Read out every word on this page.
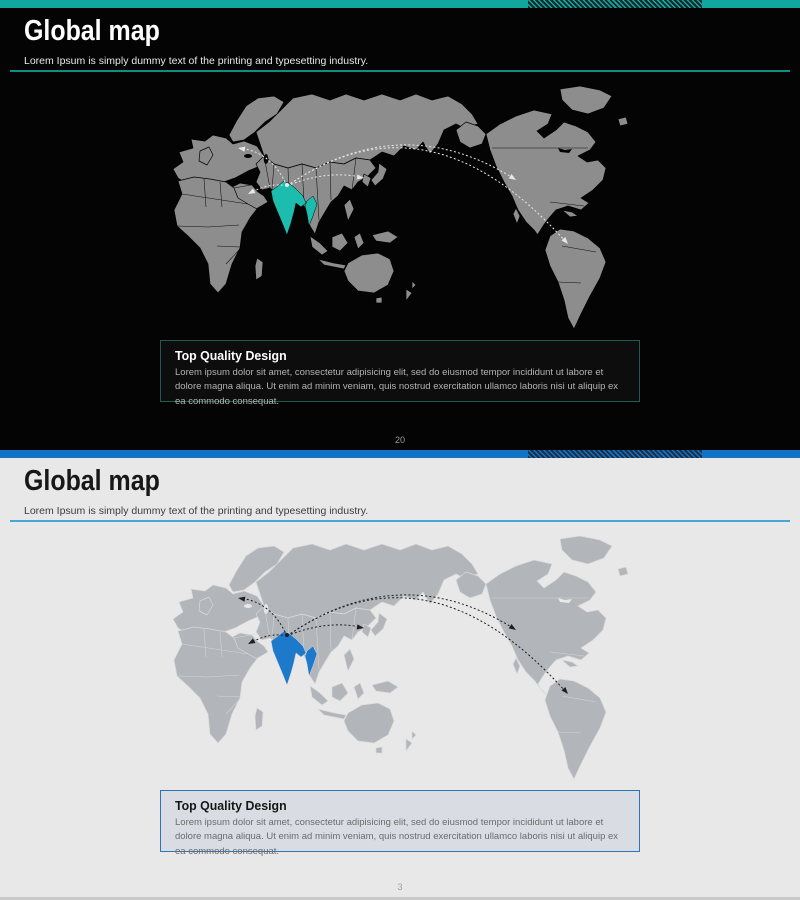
Global map

Lorem Ipsum is simply dummy text of the printing and typesetting industry.

Top Quality Design

Lorem ipsum dolor sit amet, consectetur adipisicing elit, sed do eiusmod tempor incididunt ut labore et dolore magna aliqua. Ut enim ad minim veniam, quis nostrud exercitation ullamco laboris nisi ut aliquip ex ea commodo consequat.

20
Global map

Lorem Ipsum is simply dummy text of the printing and typesetting industry.

Top Quality Design

Lorem ipsum dolor sit amet, consectetur adipisicing elit, sed do eiusmod tempor incididunt ut labore et dolore magna aliqua. Ut enim ad minim veniam, quis nostrud exercitation ullamco laboris nisi ut aliquip ex ea commodo consequat.

3
